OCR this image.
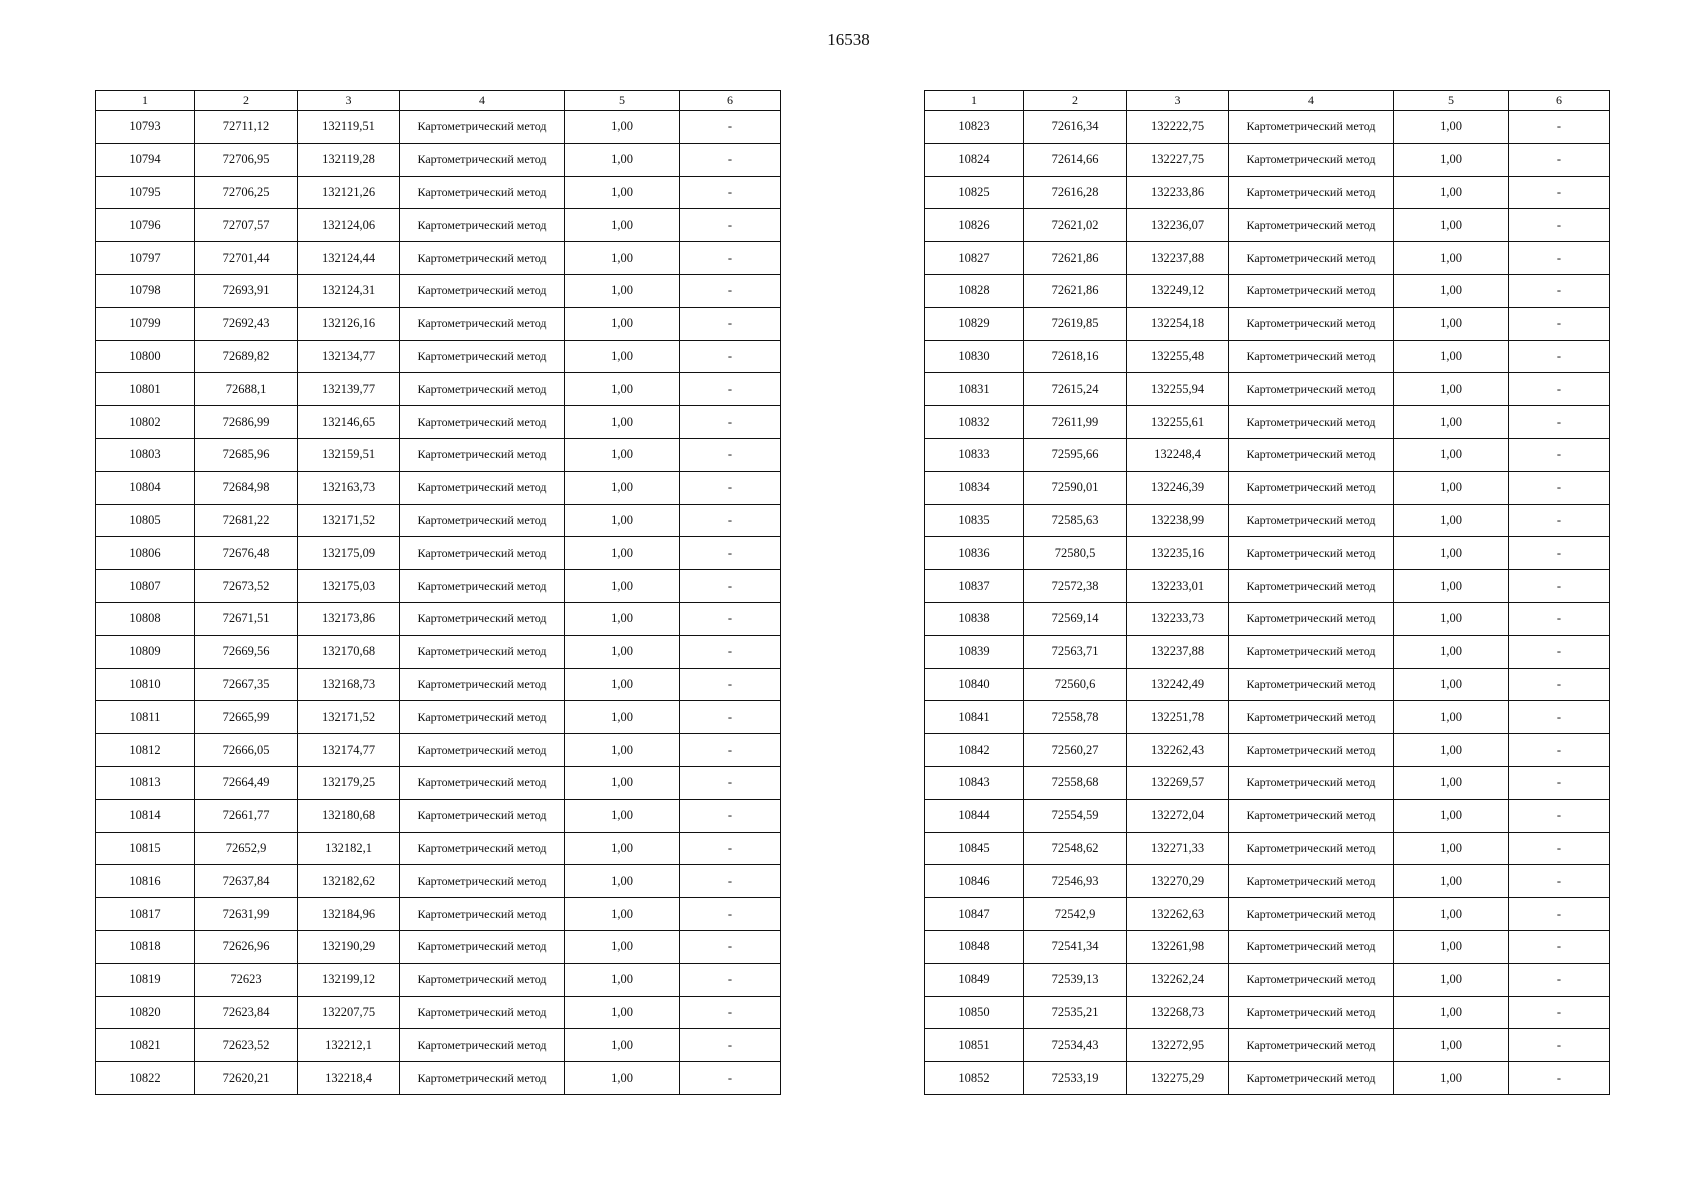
16538
1	2	3	4	5	6
10793	72711,12	132119,51	Картометрический метод	1,00	-
10794	72706,95	132119,28	Картометрический метод	1,00	-
10795	72706,25	132121,26	Картометрический метод	1,00	-
10796	72707,57	132124,06	Картометрический метод	1,00	-
10797	72701,44	132124,44	Картометрический метод	1,00	-
10798	72693,91	132124,31	Картометрический метод	1,00	-
10799	72692,43	132126,16	Картометрический метод	1,00	-
10800	72689,82	132134,77	Картометрический метод	1,00	-
10801	72688,1	132139,77	Картометрический метод	1,00	-
10802	72686,99	132146,65	Картометрический метод	1,00	-
10803	72685,96	132159,51	Картометрический метод	1,00	-
10804	72684,98	132163,73	Картометрический метод	1,00	-
10805	72681,22	132171,52	Картометрический метод	1,00	-
10806	72676,48	132175,09	Картометрический метод	1,00	-
10807	72673,52	132175,03	Картометрический метод	1,00	-
10808	72671,51	132173,86	Картометрический метод	1,00	-
10809	72669,56	132170,68	Картометрический метод	1,00	-
10810	72667,35	132168,73	Картометрический метод	1,00	-
10811	72665,99	132171,52	Картометрический метод	1,00	-
10812	72666,05	132174,77	Картометрический метод	1,00	-
10813	72664,49	132179,25	Картометрический метод	1,00	-
10814	72661,77	132180,68	Картометрический метод	1,00	-
10815	72652,9	132182,1	Картометрический метод	1,00	-
10816	72637,84	132182,62	Картометрический метод	1,00	-
10817	72631,99	132184,96	Картометрический метод	1,00	-
10818	72626,96	132190,29	Картометрический метод	1,00	-
10819	72623	132199,12	Картометрический метод	1,00	-
10820	72623,84	132207,75	Картометрический метод	1,00	-
10821	72623,52	132212,1	Картометрический метод	1,00	-
10822	72620,21	132218,4	Картометрический метод	1,00	-
1	2	3	4	5	6
10823	72616,34	132222,75	Картометрический метод	1,00	-
10824	72614,66	132227,75	Картометрический метод	1,00	-
10825	72616,28	132233,86	Картометрический метод	1,00	-
10826	72621,02	132236,07	Картометрический метод	1,00	-
10827	72621,86	132237,88	Картометрический метод	1,00	-
10828	72621,86	132249,12	Картометрический метод	1,00	-
10829	72619,85	132254,18	Картометрический метод	1,00	-
10830	72618,16	132255,48	Картометрический метод	1,00	-
10831	72615,24	132255,94	Картометрический метод	1,00	-
10832	72611,99	132255,61	Картометрический метод	1,00	-
10833	72595,66	132248,4	Картометрический метод	1,00	-
10834	72590,01	132246,39	Картометрический метод	1,00	-
10835	72585,63	132238,99	Картометрический метод	1,00	-
10836	72580,5	132235,16	Картометрический метод	1,00	-
10837	72572,38	132233,01	Картометрический метод	1,00	-
10838	72569,14	132233,73	Картометрический метод	1,00	-
10839	72563,71	132237,88	Картометрический метод	1,00	-
10840	72560,6	132242,49	Картометрический метод	1,00	-
10841	72558,78	132251,78	Картометрический метод	1,00	-
10842	72560,27	132262,43	Картометрический метод	1,00	-
10843	72558,68	132269,57	Картометрический метод	1,00	-
10844	72554,59	132272,04	Картометрический метод	1,00	-
10845	72548,62	132271,33	Картометрический метод	1,00	-
10846	72546,93	132270,29	Картометрический метод	1,00	-
10847	72542,9	132262,63	Картометрический метод	1,00	-
10848	72541,34	132261,98	Картометрический метод	1,00	-
10849	72539,13	132262,24	Картометрический метод	1,00	-
10850	72535,21	132268,73	Картометрический метод	1,00	-
10851	72534,43	132272,95	Картометрический метод	1,00	-
10852	72533,19	132275,29	Картометрический метод	1,00	-
